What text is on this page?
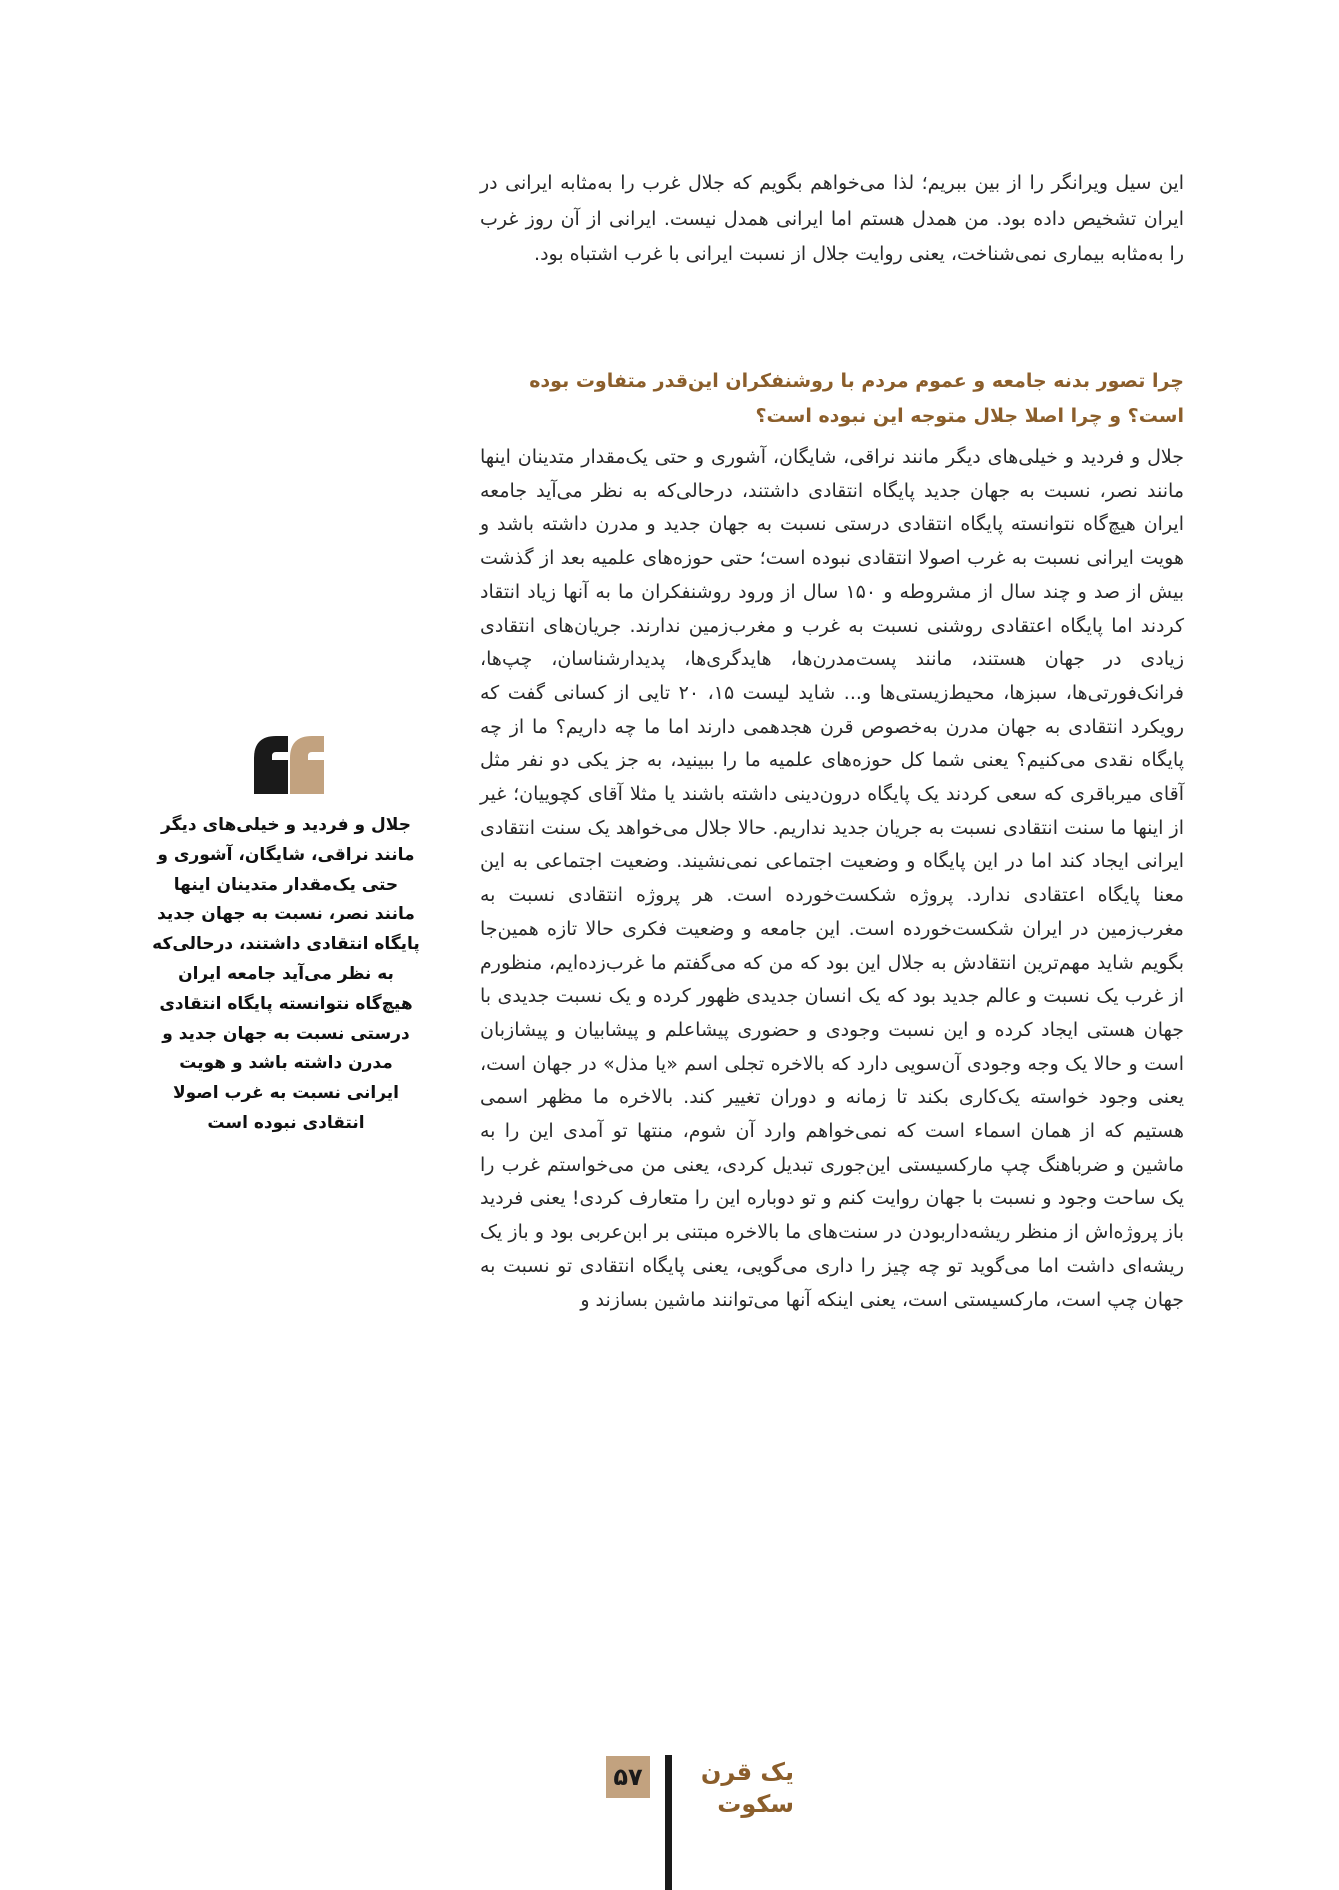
این سیل ویرانگر را از بین ببریم؛ لذا می‌خواهم بگویم که جلال غرب را به‌مثابه ایرانی در ایران تشخیص داده بود. من همدل هستم اما ایرانی همدل نیست. ایرانی از آن روز غرب را به‌مثابه بیماری نمی‌شناخت، یعنی روایت جلال از نسبت ایرانی با غرب اشتباه بود.

چرا تصور بدنه جامعه و عموم مردم با روشنفکران این‌قدر متفاوت بوده است؟ و چرا اصلا جلال متوجه این نبوده است؟

جلال و فردید و خیلی‌های دیگر مانند نراقی، شایگان، آشوری و حتی یک‌مقدار متدینان اینها مانند نصر، نسبت به جهان جدید پایگاه انتقادی داشتند، درحالی‌که به نظر می‌آید جامعه ایران هیچ‌گاه نتوانسته پایگاه انتقادی درستی نسبت به جهان جدید و مدرن داشته باشد و هویت ایرانی نسبت به غرب اصولا انتقادی نبوده است؛ حتی حوزه‌های علمیه بعد از گذشت بیش از صد و چند سال از مشروطه و ۱۵۰ سال از ورود روشنفکران ما به آنها زیاد انتقاد کردند اما پایگاه اعتقادی روشنی نسبت به غرب و مغرب‌زمین ندارند. جریان‌های انتقادی زیادی در جهان هستند، مانند پست‌مدرن‌ها، هایدگری‌ها، پدیدارشناسان، چپ‌ها، فرانک‌فورتی‌ها، سبزها، محیط‌زیستی‌ها و... شاید لیست ۱۵، ۲۰ تایی از کسانی گفت که رویکرد انتقادی به جهان مدرن به‌خصوص قرن هجدهمی دارند اما ما چه داریم؟ ما از چه پایگاه نقدی می‌کنیم؟ یعنی شما کل حوزه‌های علمیه ما را ببینید، به جز یکی دو نفر مثل آقای میرباقری که سعی کردند یک پایگاه درون‌دینی داشته باشند یا مثلا آقای کچوییان؛ غیر از اینها ما سنت انتقادی نسبت به جریان جدید نداریم. حالا جلال می‌خواهد یک سنت انتقادی ایرانی ایجاد کند اما در این پایگاه و وضعیت اجتماعی نمی‌نشیند. وضعیت اجتماعی به این معنا پایگاه اعتقادی ندارد. پروژه شکست‌خورده است. هر پروژه انتقادی نسبت به مغرب‌زمین در ایران شکست‌خورده است. این جامعه و وضعیت فکری حالا تازه همین‌جا بگویم شاید مهم‌ترین انتقادش به جلال این بود که من که می‌گفتم ما غرب‌زده‌ایم، منظورم از غرب یک نسبت و عالم جدید بود که یک انسان جدیدی ظهور کرده و یک نسبت جدیدی با جهان هستی ایجاد کرده و این نسبت وجودی و حضوری پیشاعلم و پیشابیان و پیشازبان است و حالا یک وجه وجودی آن‌سویی دارد که بالاخره تجلی اسم «یا مذل» در جهان است، یعنی وجود خواسته یک‌کاری بکند تا زمانه و دوران تغییر کند. بالاخره ما مظهر اسمی هستیم که از همان اسماء است که نمی‌خواهم وارد آن شوم، منتها تو آمدی این را به ماشین و ضرباهنگ چپ مارکسیستی این‌جوری تبدیل کردی، یعنی من می‌خواستم غرب را یک ساحت وجود و نسبت با جهان روایت کنم و تو دوباره این را متعارف کردی! یعنی فردید باز پروژه‌اش از منظر ریشه‌داربودن در سنت‌های ما بالاخره مبتنی بر ابن‌عربی بود و باز یک ریشه‌ای داشت اما می‌گوید تو چه چیز را داری می‌گویی، یعنی پایگاه انتقادی تو نسبت به جهان چپ است، مارکسیستی است، یعنی اینکه آنها می‌توانند ماشین بسازند و

جلال و فردید و خیلی‌های دیگر مانند نراقی، شایگان، آشوری و حتی یک‌مقدار متدینان اینها مانند نصر، نسبت به جهان جدید پایگاه انتقادی داشتند، درحالی‌که به نظر می‌آید جامعه ایران هیچ‌گاه نتوانسته پایگاه انتقادی درستی نسبت به جهان جدید و مدرن داشته باشد و هویت ایرانی نسبت به غرب اصولا انتقادی نبوده است

۵۷	یک قرن
سکوت
